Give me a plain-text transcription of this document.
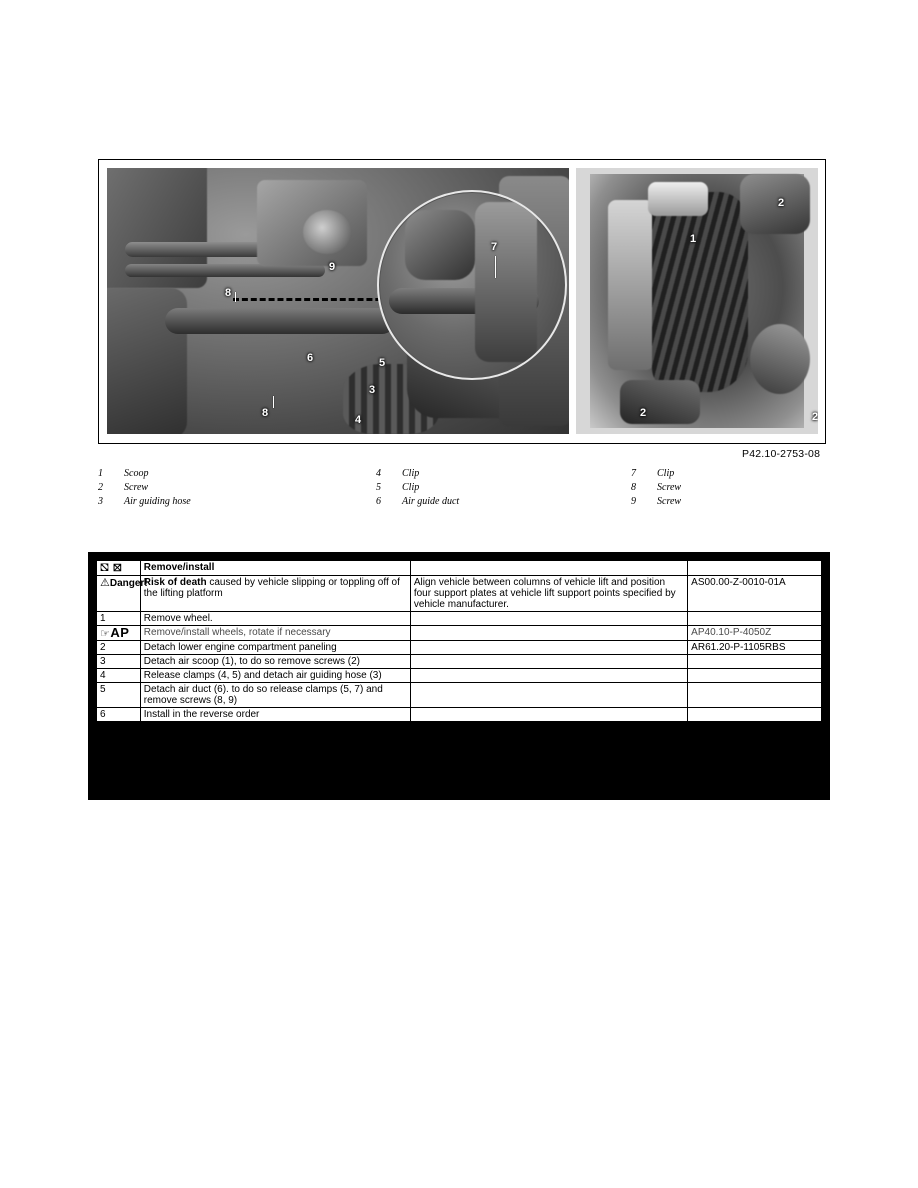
9
8
8
6	5
3
4
7
2
1
2	2
P42.10-2753-08
1	Scoop
2	Screw
3	Air guiding hose
4	Clip
5	Clip
6	Air guide duct
7	Clip
8	Screw
9	Screw
⛞ ⛝	Remove/install		
⚠Danger!	Risk of death caused by vehicle slipping or toppling off of the lifting platform	Align vehicle between columns of vehicle lift and position four support plates at vehicle lift support points specified by vehicle manufacturer.	AS00.00-Z-0010-01A
1	Remove wheel.		
☞AP	Remove/install wheels, rotate if necessary		AP40.10-P-4050Z
2	Detach lower engine compartment paneling		AR61.20-P-1105RBS
3	Detach air scoop (1), to do so remove screws (2)		
4	Release clamps (4, 5) and detach air guiding hose (3)		
5	Detach air duct (6). to do so release clamps (5, 7) and remove screws (8, 9)		
6	Install in the reverse order		
